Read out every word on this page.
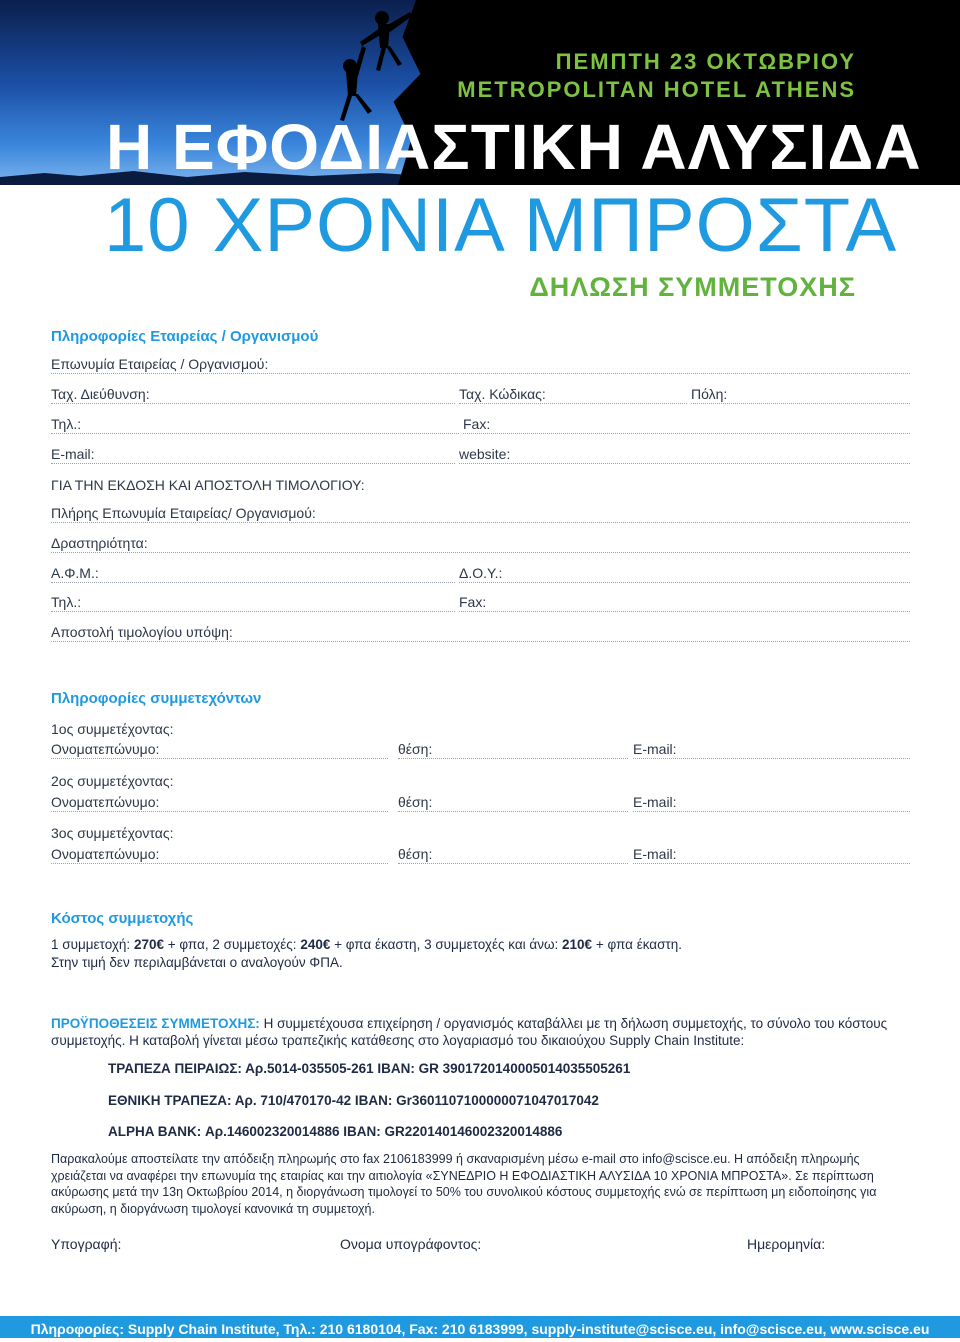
ΠΕΜΠΤΗ 23 ΟΚΤΩΒΡΙΟΥ
METROPOLITAN HOTEL ATHENS
Η ΕΦΟΔΙΑΣΤΙΚΗ ΑΛΥΣΙΔΑ
10 ΧΡΟΝΙΑ ΜΠΡΟΣΤΑ
ΔΗΛΩΣΗ ΣΥΜΜΕΤΟΧΗΣ
Πληροφορίες Εταιρείας / Οργανισμού
Επωνυμία Εταιρείας / Οργανισμού:
Ταχ. Διεύθυνση:	Ταχ. Κώδικας:	Πόλη:
Τηλ.:	Fax:
E-mail:	website:
ΓΙΑ ΤΗΝ ΕΚΔΟΣΗ ΚΑΙ ΑΠΟΣΤΟΛΗ ΤΙΜΟΛΟΓΙΟΥ:
Πλήρης Επωνυμία Εταιρείας/ Οργανισμού:
Δραστηριότητα:
Α.Φ.Μ.:	Δ.Ο.Υ.:
Τηλ.:	Fax:
Αποστολή τιμολογίου υπόψη:
Πληροφορίες συμμετεχόντων
1ος συμμετέχοντας:
Ονοματεπώνυμο:	θέση:	E-mail:
2ος συμμετέχοντας:
Ονοματεπώνυμο:	θέση:	E-mail:
3ος συμμετέχοντας:
Ονοματεπώνυμο:	θέση:	E-mail:
Κόστος συμμετοχής
1 συμμετοχή: 270€ + φπα, 2 συμμετοχές: 240€ + φπα έκαστη, 3 συμμετοχές και άνω: 210€ + φπα έκαστη.
Στην τιμή δεν περιλαμβάνεται ο αναλογούν ΦΠΑ.
ΠΡΟΫΠΟΘΕΣΕΙΣ ΣΥΜΜΕΤΟΧΗΣ: Η συμμετέχουσα επιχείρηση / οργανισμός καταβάλλει με τη δήλωση συμμετοχής, το σύνολο του κόστους συμμετοχής. Η καταβολή γίνεται μέσω τραπεζικής κατάθεσης στο λογαριασμό του δικαιούχου Supply Chain Institute:
ΤΡΑΠΕΖΑ ΠΕΙΡΑΙΩΣ: Αρ.5014-035505-261 IBAN: GR 3901720140005014035505261
ΕΘΝΙΚΗ ΤΡΑΠΕΖΑ: Αρ. 710/470170-42 IBAN: Gr3601107100000071047017042
ALPHA BANK: Αρ.146002320014886 IBAN: GR220140146002320014886
Παρακαλούμε αποστείλατε την απόδειξη πληρωμής στο fax 2106183999 ή σκαναρισμένη μέσω e-mail στο info@scisce.eu. Η απόδειξη πληρωμής χρειάζεται να αναφέρει την επωνυμία της εταιρίας και την αιτιολογία «ΣΥΝΕΔΡΙΟ Η ΕΦΟΔΙΑΣΤΙΚΗ ΑΛΥΣΙΔΑ 10 ΧΡΟΝΙΑ ΜΠΡΟΣΤΑ». Σε περίπτωση ακύρωσης μετά την 13η Οκτωβρίου 2014, η διοργάνωση τιμολογεί το 50% του συνολικού κόστους συμμετοχής ενώ σε περίπτωση μη ειδοποίησης για ακύρωση, η διοργάνωση τιμολογεί κανονικά τη συμμετοχή.
Υπογραφή:	Ονομα υπογράφοντος:	Ημερομηνία:
Πληροφορίες: Supply Chain Institute, Τηλ.: 210 6180104, Fax: 210 6183999, supply-institute@scisce.eu, info@scisce.eu, www.scisce.eu
